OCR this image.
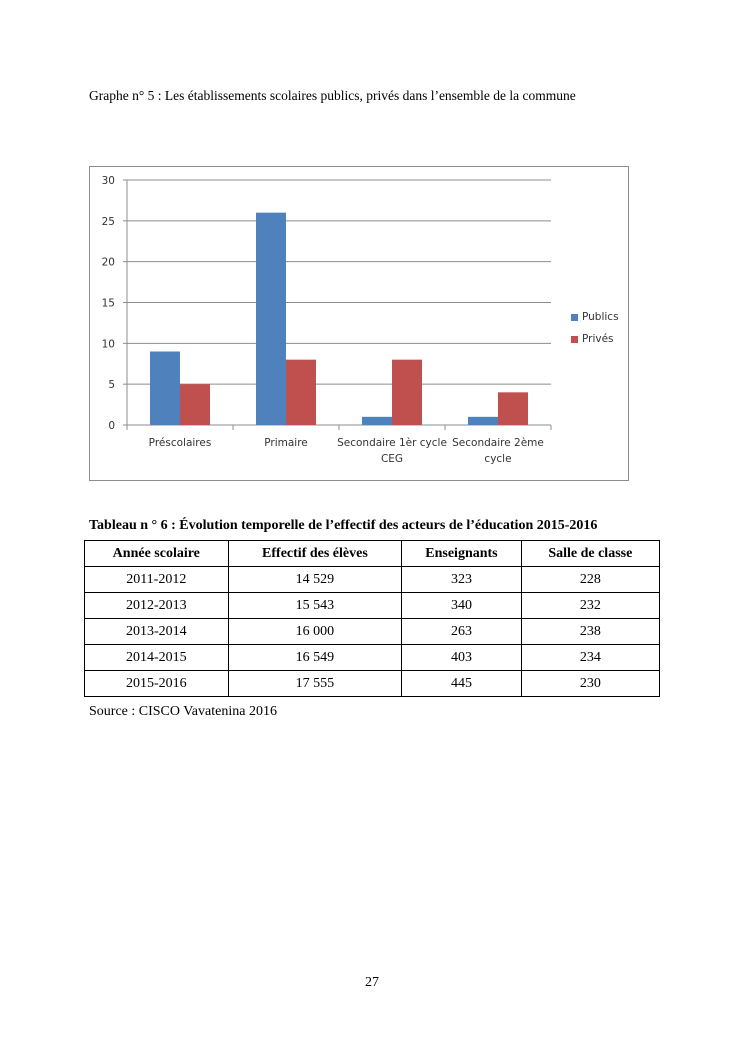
Graphe n° 5 : Les établissements scolaires publics, privés dans l’ensemble de la commune
0
5
10
15
20
25
30
Préscolaires	Primaire	Secondaire 1èr cycle
CEG
Secondaire 2ème
cycle
Publics
Privés
Tableau n ° 6 : Évolution temporelle de l’effectif des acteurs de l’éducation 2015-2016
Année scolaire	Effectif des élèves	Enseignants	Salle de classe
2011-2012	14 529	323	228
2012-2013	15 543	340	232
2013-2014	16 000	263	238
2014-2015	16 549	403	234
2015-2016	17 555	445	230
Source : CISCO Vavatenina 2016
27
